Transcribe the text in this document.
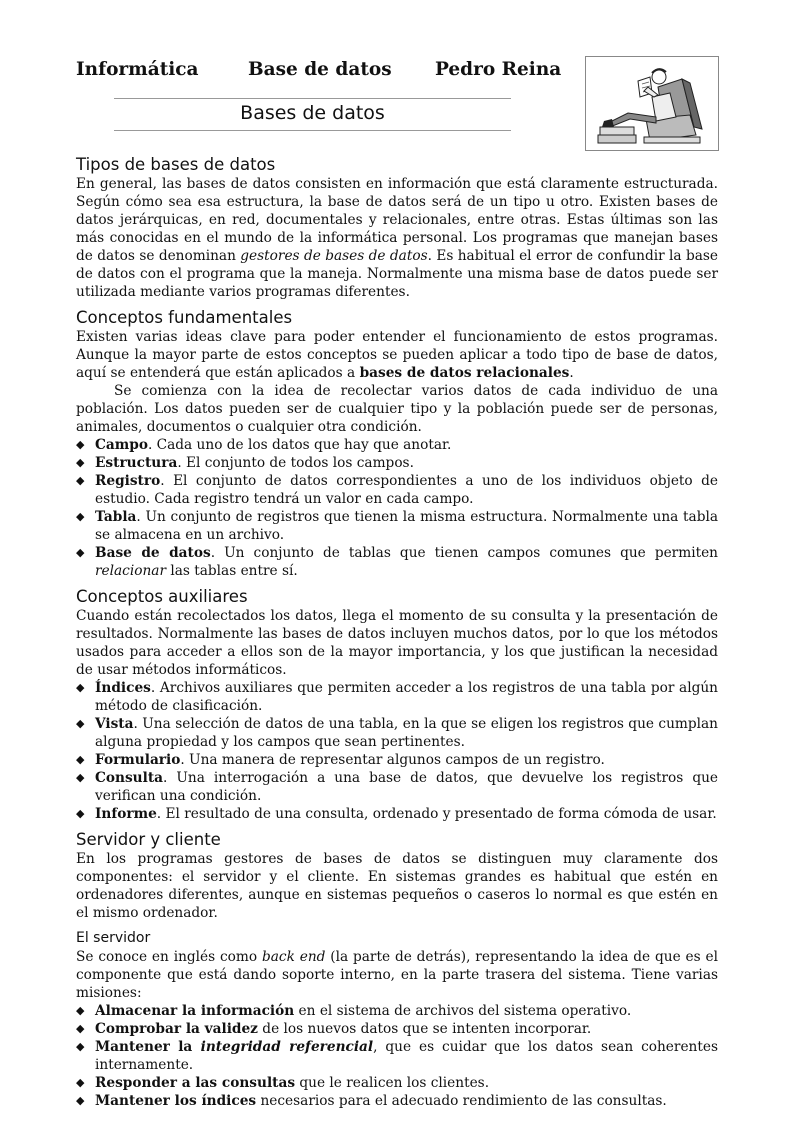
Informática	Base de datos Pedro Reina
Bases de datos
Tipos de bases de datos

En general, las bases de datos consisten en información que está claramente estructurada. Según cómo sea esa estructura, la base de datos será de un tipo u otro. Existen bases de datos jerárquicas, en red, documentales y relacionales, entre otras. Estas últimas son las más conocidas en el mundo de la informática personal. Los programas que manejan bases de datos se denominan gestores de bases de datos. Es habitual el error de confundir la base de datos con el programa que la maneja. Normalmente una misma base de datos puede ser utilizada mediante varios programas diferentes.

Conceptos fundamentales

Existen varias ideas clave para poder entender el funcionamiento de estos programas. Aunque la mayor parte de estos conceptos se pueden aplicar a todo tipo de base de datos, aquí se entenderá que están aplicados a bases de datos relacionales.

Se comienza con la idea de recolectar varios datos de cada individuo de una población. Los datos pueden ser de cualquier tipo y la población puede ser de personas, animales, documentos o cualquier otra condición.

◆ Campo. Cada uno de los datos que hay que anotar.
◆ Estructura. El conjunto de todos los campos.
◆ Registro. El conjunto de datos correspondientes a uno de los individuos objeto de estudio. Cada registro tendrá un valor en cada campo.
◆ Tabla. Un conjunto de registros que tienen la misma estructura. Normalmente una tabla se almacena en un archivo.
◆ Base de datos. Un conjunto de tablas que tienen campos comunes que permiten relacionar las tablas entre sí.
Conceptos auxiliares

Cuando están recolectados los datos, llega el momento de su consulta y la presentación de resultados. Normalmente las bases de datos incluyen muchos datos, por lo que los métodos usados para acceder a ellos son de la mayor importancia, y los que justifican la necesidad de usar métodos informáticos.

◆ Índices. Archivos auxiliares que permiten acceder a los registros de una tabla por algún método de clasificación.
◆ Vista. Una selección de datos de una tabla, en la que se eligen los registros que cumplan alguna propiedad y los campos que sean pertinentes.
◆ Formulario. Una manera de representar algunos campos de un registro.
◆ Consulta. Una interrogación a una base de datos, que devuelve los registros que verifican una condición.
◆ Informe. El resultado de una consulta, ordenado y presentado de forma cómoda de usar.
Servidor y cliente

En los programas gestores de bases de datos se distinguen muy claramente dos componentes: el servidor y el cliente. En sistemas grandes es habitual que estén en ordenadores diferentes, aunque en sistemas pequeños o caseros lo normal es que estén en el mismo ordenador.

El servidor

Se conoce en inglés como back end (la parte de detrás), representando la idea de que es el componente que está dando soporte interno, en la parte trasera del sistema. Tiene varias misiones:

◆ Almacenar la información en el sistema de archivos del sistema operativo.
◆ Comprobar la validez de los nuevos datos que se intenten incorporar.
◆ Mantener la integridad referencial, que es cuidar que los datos sean coherentes internamente.
◆ Responder a las consultas que le realicen los clientes.
◆ Mantener los índices necesarios para el adecuado rendimiento de las consultas.
